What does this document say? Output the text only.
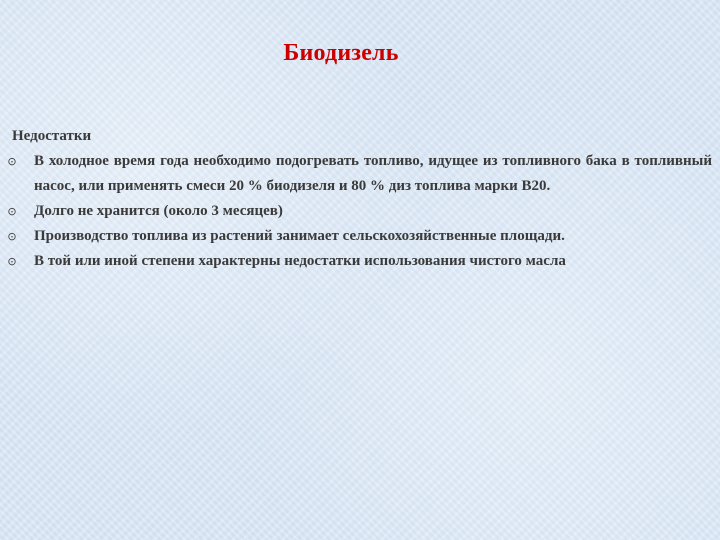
Биодизель
Недостатки
⊙	В холодное время года необходимо подогревать топливо, идущее из топливного бака в топливный насос, или применять смеси 20 % биодизеля и 80 % диз топлива марки B20.
⊙	Долго не хранится (около 3 месяцев)
⊙	Производство топлива из растений занимает сельскохозяйственные площади.
⊙	В той или иной степени характерны недостатки использования чистого масла
